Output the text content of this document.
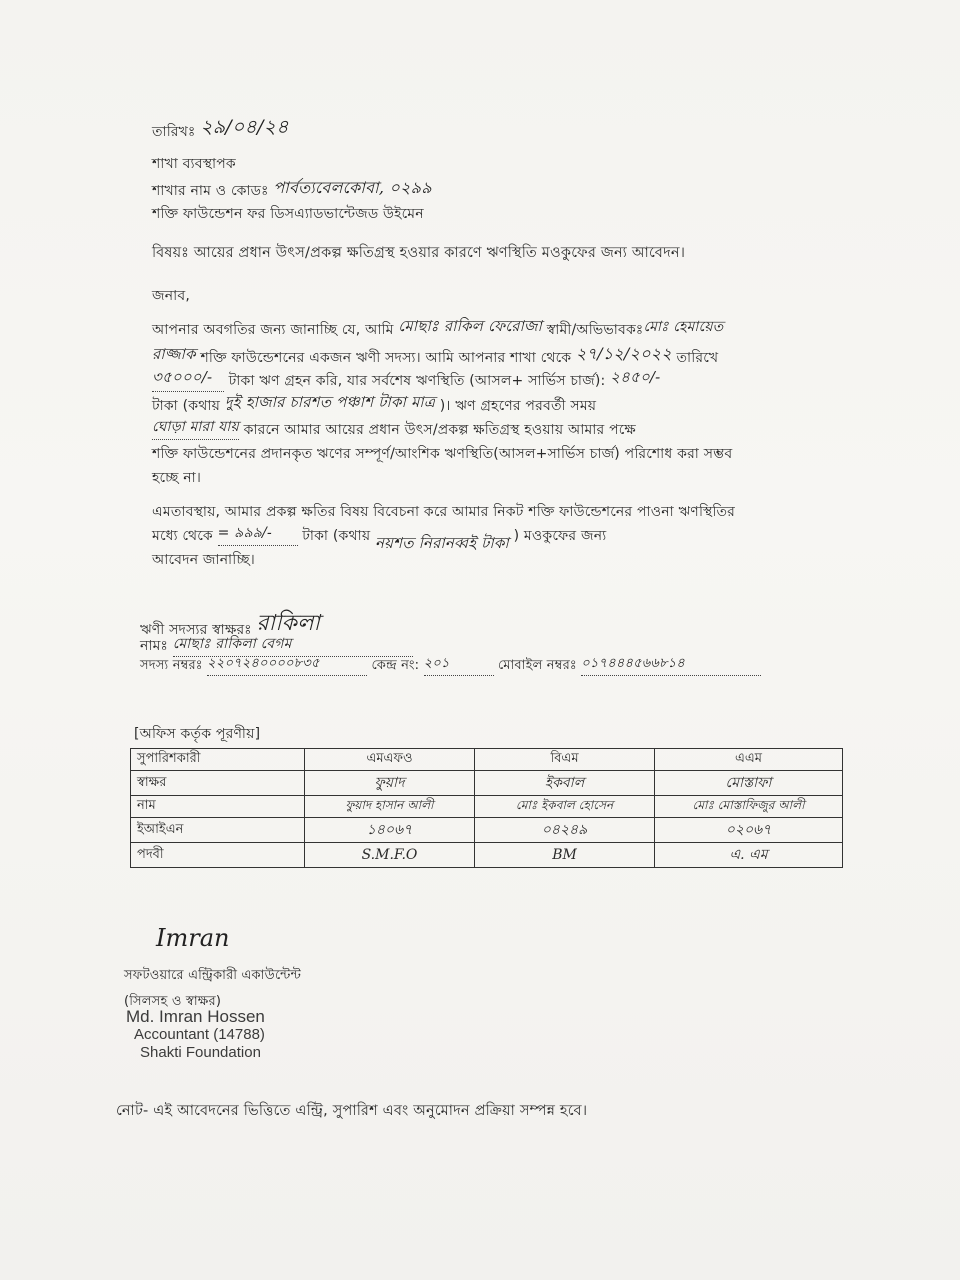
তারিখঃ ২৯/০৪/২৪
শাখা ব্যবস্থাপক
শাখার নাম ও কোডঃ পার্বত্যবেলকোবা, ০২৯৯
শক্তি ফাউন্ডেশন ফর ডিসএ্যাডভান্টেজড উইমেন
বিষয়ঃ আয়ের প্রধান উৎস/প্রকল্প ক্ষতিগ্রস্থ হওয়ার কারণে ঋণস্থিতি মওকুফের জন্য আবেদন।
জনাব,
আপনার অবগতির জন্য জানাচ্ছি যে, আমি মোছাঃ রাকিল ফেরোজা স্বামী/অভিভাবকঃমোঃ হেমায়েত
রাজ্জাক শক্তি ফাউন্ডেশনের একজন ঋণী সদস্য। আমি আপনার শাখা থেকে ২৭/১২/২০২২ তারিখে
৩৫০০০/- টাকা ঋণ গ্রহন করি, যার সর্বশেষ ঋণস্থিতি (আসল+ সার্ভিস চার্জ): ২৪৫০/-
টাকা (কথায় দুই হাজার চারশত পঞ্চাশ টাকা মাত্র )। ঋণ গ্রহণের পরবর্তী সময়
ঘোড়া মারা যায় কারনে আমার আয়ের প্রধান উৎস/প্রকল্প ক্ষতিগ্রস্থ হওয়ায় আমার পক্ষে
শক্তি ফাউন্ডেশনের প্রদানকৃত ঋণের সম্পূর্ণ/আংশিক ঋণস্থিতি(আসল+সার্ভিস চার্জ) পরিশোধ করা সম্ভব
হচ্ছে না।
এমতাবস্থায়, আমার প্রকল্প ক্ষতির বিষয় বিবেচনা করে আমার নিকট শক্তি ফাউন্ডেশনের পাওনা ঋণস্থিতির
মধ্যে থেকে = ৯৯৯/- টাকা (কথায় নয়শত নিরানব্বই টাকা ) মওকুফের জন্য
আবেদন জানাচ্ছি।
ঋণী সদস্যর স্বাক্ষরঃ রাকিলা
নামঃ মোছাঃ রাকিলা বেগম
সদস্য নম্বরঃ ২২০৭২৪০০০০৮৩৫	কেন্দ্র নং: ২০১	মোবাইল নম্বরঃ ০১৭৪৪৪৫৬৬৮১৪
[অফিস কর্তৃক পূরণীয়]
সুপারিশকারী	এমএফও	বিএম	এএম
স্বাক্ষর	ফুয়াদ	ইকবাল	মোস্তাফা
নাম	ফুয়াদ হাসান আলী	মোঃ ইকবাল হোসেন	মোঃ মোস্তাফিজুর আলী
ইআইএন	১৪০৬৭	০৪২৪৯	০২০৬৭
পদবী	S.M.F.O	BM	এ. এম
Imran
সফটওয়ারে এন্ট্রিকারী একাউন্টেন্ট
(সিলসহ ও স্বাক্ষর)
Md. Imran Hossen
Accountant (14788)
Shakti Foundation
নোট- এই আবেদনের ভিত্তিতে এন্ট্রি, সুপারিশ এবং অনুমোদন প্রক্রিয়া সম্পন্ন হবে।
